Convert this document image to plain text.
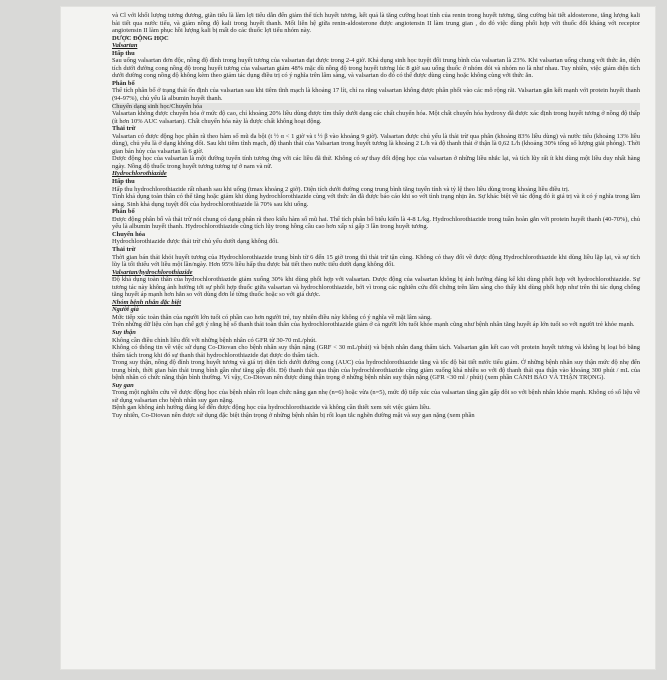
và Cl với khối lượng tương đương, giãn tiểu là làm lợi tiểu dẫn đến giảm thể tích huyết tương, kết quả là tăng cường hoạt tính của renin trong huyết tương, tăng cường bài tiết aldosterone, tăng lượng kali bài tiết qua nước tiểu, và giảm nồng độ kali trong huyết thanh. Mối liên hệ giữa renin-aldosterone được angiotensin II làm trung gian , do đó việc dùng phối hợp với thuốc đối kháng với receptor angiotensin II làm phục hồi lượng kali bị mất do các thuốc lợi tiểu nhóm này.

DƯỢC ĐỘNG HỌC

Valsartan

Hấp thu

Sau uống valsartan đơn độc, nồng độ đỉnh trong huyết tương của valsartan đạt được trong 2-4 giờ. Khả dụng sinh học tuyệt đối trung bình của valsartan là 23%. Khi valsartan uống chung với thức ăn, diện tích dưới đường cong nồng độ trong huyết tương của valsartan giảm 48% mặc dù nồng độ trong huyết tương lúc 8 giờ sau uống thuốc ở nhóm đói và nhóm no là như nhau. Tuy nhiên, việc giảm diện tích dưới đường cong nồng độ không kèm theo giảm tác dụng điều trị có ý nghĩa trên lâm sàng, và valsartan do đó có thể được dùng cùng hoặc không cùng với thức ăn.

Phân bố

Thể tích phân bố ở trạng thái ổn định của valsartan sau khi tiêm tĩnh mạch là khoảng 17 lít, chỉ ra rằng valsartan không được phân phối vào các mô rộng rãi. Valsartan gắn kết mạnh với protein huyết thanh (94-97%), chủ yếu là albumin huyết thanh.

Chuyển dạng sinh học/Chuyển hóa

Valsartan không được chuyển hóa ở mức độ cao, chỉ khoảng 20% liều dùng được tìm thấy dưới dạng các chất chuyển hóa. Một chất chuyển hóa hydroxy đã được xác định trong huyết tương ở nồng độ thấp (ít hơn 10% AUC valsartan). Chất chuyển hóa này là được chất không hoạt động.

Thải trừ

Valsartan có được động học phân rã theo hàm số mũ đa bội (t ½ α < 1 giờ và t ½ β vào khoảng 9 giờ). Valsartan được chủ yếu là thải trừ qua phân (khoảng 83% liều dùng) và nước tiểu (khoảng 13% liều dùng), chủ yếu là ở dạng không đổi. Sau khi tiêm tĩnh mạch, độ thanh thải của Valsartan trong huyết tương là khoảng 2 L/h và độ thanh thải ở thận là 0,62 L/h (khoảng 30% tổng số lượng giải phóng). Thời gian bán hủy của valsartan là 6 giờ.

Dược động học của valsartan là một đường tuyến tính tương ứng với các liều đã thử. Không có sự thay đổi động học của valsartan ở những liều nhắc lại, và tích lũy rất ít khi dùng một liều duy nhất hàng ngày. Nồng độ thuốc trong huyết tương tương tự ở nam và nữ.

Hydrochlorothiazide

Hấp thu

Hấp thu hydrochlorothiazide rất nhanh sau khi uống (tmax khoảng 2 giờ). Diện tích dưới đường cong trung bình tăng tuyến tính và tỷ lệ theo liều dùng trong khoảng liều điều trị.

Tính khả dụng toàn thân có thể tăng hoặc giảm khi dùng hydrochlorothiazide cùng với thức ăn đã được báo cáo khi so với tình trạng nhịn ăn. Sự khác biệt về tác động đó ít giá trị và ít có ý nghĩa trong lâm sàng. Sinh khả dụng tuyệt đối của hydrochlorothiazide là 70% sau khi uống.

Phân bố

Được động phân bố và thải trừ nói chung có dạng phân rã theo kiểu hàm số mũ hai. Thể tích phân bố biểu kiến là 4-8 L/kg. Hydrochlorothiazide trong tuần hoàn gắn với protein huyết thanh (40-70%), chủ yếu là albumin huyết thanh. Hydrochlorothiazide cũng tích lũy trong hồng cầu cao hơn xấp xỉ gấp 3 lần trong huyết tương.

Chuyển hóa

Hydrochlorothiazide được thải trừ chủ yếu dưới dạng không đổi.

Thải trừ

Thời gian bán thải khỏi huyết tương của Hydrochlorothiazide trung bình từ 6 đến 15 giờ trong thì thải trừ tận cùng. Không có thay đổi về được động Hydrochlorothiazide khi dùng liều lặp lại, và sự tích lũy là tối thiểu với liều một lần/ngày. Hơn 95% liều hấp thu được bài tiết theo nước tiểu dưới dạng không đổi.

Valsartan/hydrochlorothiazide

Độ khả dụng toàn thân của hydrochlorothiazide giảm xuống 30% khi dùng phối hợp với valsartan. Dược động của valsartan không bị ảnh hưởng đáng kể khi dùng phối hợp với hydrochlorothiazide. Sự tương tác này không ảnh hưởng tới sự phối hợp thuốc giữa valsartan và hydrochlorothiazide, bởi vì trong các nghiên cứu đối chứng trên lâm sàng cho thấy khi dùng phối hợp như trên thì tác dụng chống tăng huyết áp mạnh hơn hẳn so với dùng đơn lẻ từng thuốc hoặc so với giả dược.

Nhóm bệnh nhân đặc biệt

Người già

Mức tiếp xúc toàn thân của người lớn tuổi có phần cao hơn người trẻ, tuy nhiên điều này không có ý nghĩa về mặt lâm sàng.

Trên những dữ liệu còn hạn chế gợi ý rằng hệ số thanh thải toàn thân của hydrochlorothiazide giảm ở cả người lớn tuổi khỏe mạnh cũng như bệnh nhân tăng huyết áp lớn tuổi so với người trẻ khỏe mạnh.

Suy thận

Không cần điều chỉnh liều đối với những bệnh nhân có GFR từ 30-70 mL/phút.

Không có thông tin về việc sử dụng Co-Diovan cho bệnh nhân suy thận nặng (GRF < 30 mL/phút) và bệnh nhân đang thẩm tách. Valsartan gắn kết cao với protein huyết tương và không bị loại bỏ bằng thẩm tách trong khi đó sự thanh thải hydrochlorothiazide đạt được do thẩm tách.

Trong suy thận, nồng độ đỉnh trong huyết tương và giá trị diện tích dưới đường cong (AUC) của hydrochlorothiazide tăng và tốc độ bài tiết nước tiểu giảm. Ở những bệnh nhân suy thận mức độ nhẹ đến trung bình, thời gian bán thải trung bình gần như tăng gấp đôi. Độ thanh thải qua thận của hydrochlorothiazide cũng giảm xuống khá nhiều so với độ thanh thải qua thận vào khoảng 300 phút / mL của bệnh nhân có chức năng thận bình thường. Vì vậy, Co-Diovan nên được dùng thận trọng ở những bệnh nhân suy thận nặng (GFR <30 ml / phút) (xem phần CẢNH BÁO VÀ THẬN TRỌNG).

Suy gan

Trong một nghiên cứu về được động học của bệnh nhân rối loạn chức năng gan nhẹ (n=6) hoặc vừa (n=5), mức độ tiếp xúc của valsartan tăng gần gấp đôi so với bệnh nhân khỏe mạnh. Không có số liệu về sử dụng valsartan cho bệnh nhân suy gan nặng.

Bệnh gan không ảnh hưởng đáng kể đến được động học của hydrochlorothiazide và không cần thiết xem xét việc giảm liều.

Tuy nhiên, Co-Diovan nên được sử dụng đặc biệt thận trọng ở những bệnh nhân bị rối loạn tắc nghẽn đường mật và suy gan nặng (xem phần
